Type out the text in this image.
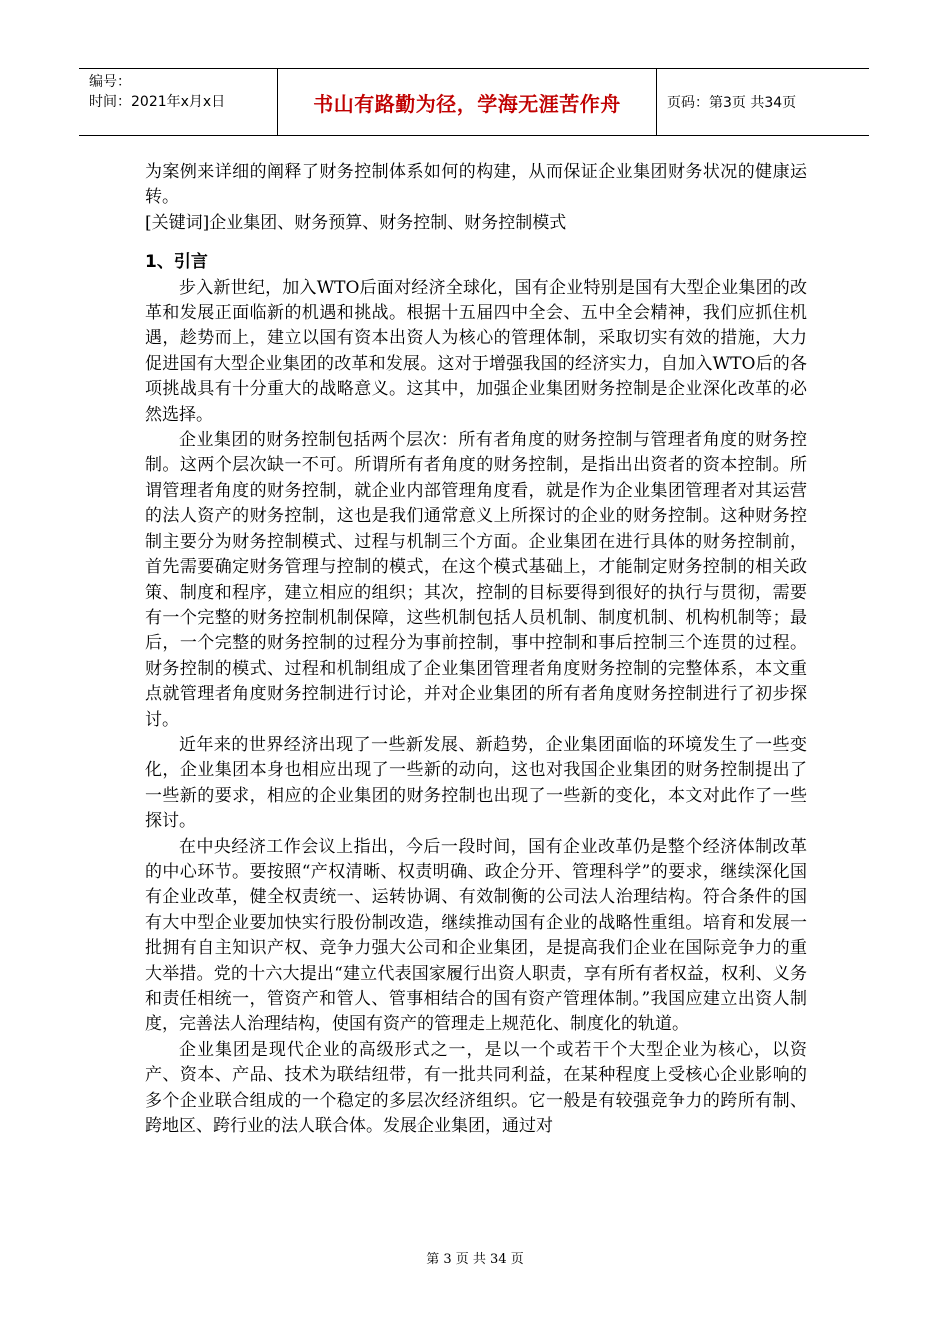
编号：
时间：2021年x月x日	书山有路勤为径，学海无涯苦作舟	页码：第3页 共34页

为案例来详细的阐释了财务控制体系如何的构建，从而保证企业集团财务状况的健康运转。

[关键词]企业集团、财务预算、财务控制、财务控制模式

1、引言

步入新世纪，加入WTO后面对经济全球化，国有企业特别是国有大型企业集团的改革和发展正面临新的机遇和挑战。根据十五届四中全会、五中全会精神，我们应抓住机遇，趁势而上，建立以国有资本出资人为核心的管理体制，采取切实有效的措施，大力促进国有大型企业集团的改革和发展。这对于增强我国的经济实力，自加入WTO后的各项挑战具有十分重大的战略意义。这其中，加强企业集团财务控制是企业深化改革的必然选择。

企业集团的财务控制包括两个层次：所有者角度的财务控制与管理者角度的财务控制。这两个层次缺一不可。所谓所有者角度的财务控制，是指出出资者的资本控制。所谓管理者角度的财务控制，就企业内部管理角度看，就是作为企业集团管理者对其运营的法人资产的财务控制，这也是我们通常意义上所探讨的企业的财务控制。这种财务控制主要分为财务控制模式、过程与机制三个方面。企业集团在进行具体的财务控制前，首先需要确定财务管理与控制的模式，在这个模式基础上，才能制定财务控制的相关政策、制度和程序，建立相应的组织；其次，控制的目标要得到很好的执行与贯彻，需要有一个完整的财务控制机制保障，这些机制包括人员机制、制度机制、机构机制等；最后，一个完整的财务控制的过程分为事前控制，事中控制和事后控制三个连贯的过程。财务控制的模式、过程和机制组成了企业集团管理者角度财务控制的完整体系，本文重点就管理者角度财务控制进行讨论，并对企业集团的所有者角度财务控制进行了初步探讨。

近年来的世界经济出现了一些新发展、新趋势，企业集团面临的环境发生了一些变化，企业集团本身也相应出现了一些新的动向，这也对我国企业集团的财务控制提出了一些新的要求，相应的企业集团的财务控制也出现了一些新的变化，本文对此作了一些探讨。

在中央经济工作会议上指出，今后一段时间，国有企业改革仍是整个经济体制改革的中心环节。要按照“产权清晰、权责明确、政企分开、管理科学”的要求，继续深化国有企业改革，健全权责统一、运转协调、有效制衡的公司法人治理结构。符合条件的国有大中型企业要加快实行股份制改造，继续推动国有企业的战略性重组。培育和发展一批拥有自主知识产权、竞争力强大公司和企业集团，是提高我们企业在国际竞争力的重大举措。党的十六大提出“建立代表国家履行出资人职责，享有所有者权益，权利、义务和责任相统一，管资产和管人、管事相结合的国有资产管理体制。”我国应建立出资人制度，完善法人治理结构，使国有资产的管理走上规范化、制度化的轨道。

企业集团是现代企业的高级形式之一，是以一个或若干个大型企业为核心，以资产、资本、产品、技术为联结纽带，有一批共同利益，在某种程度上受核心企业影响的多个企业联合组成的一个稳定的多层次经济组织。它一般是有较强竞争力的跨所有制、跨地区、跨行业的法人联合体。发展企业集团，通过对

第 3 页 共 34 页
